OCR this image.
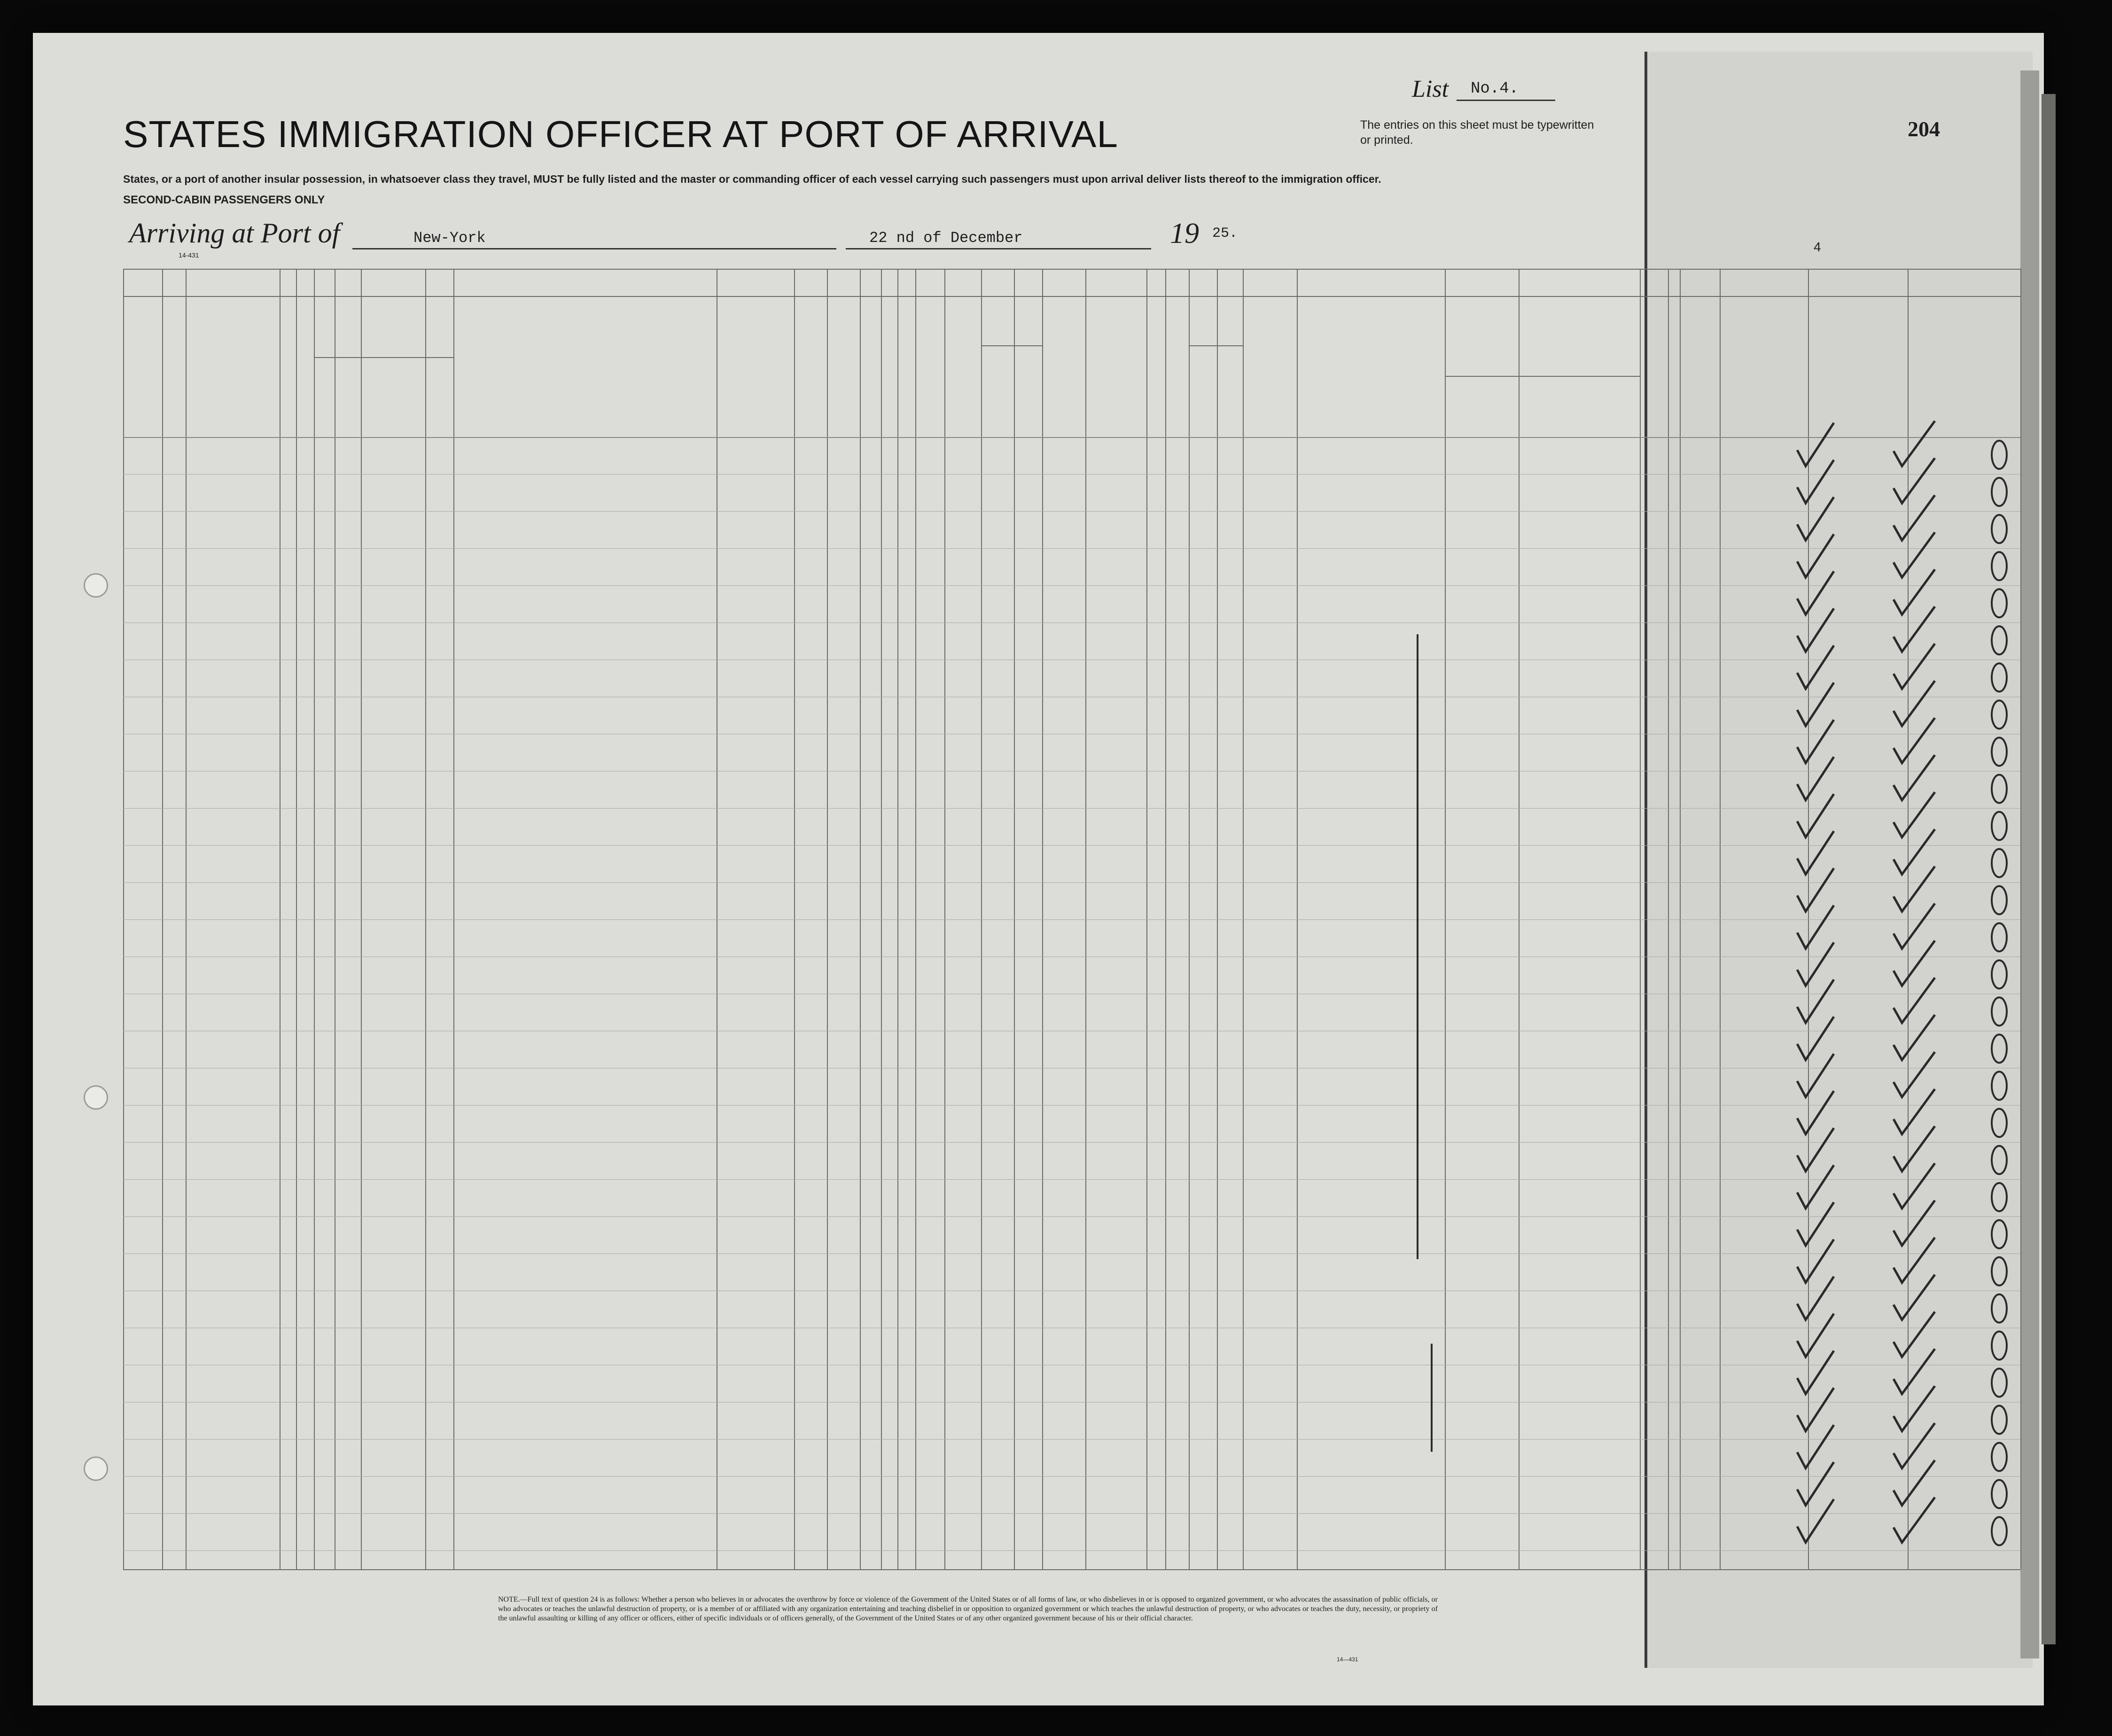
STATES IMMIGRATION OFFICER AT PORT OF ARRIVAL
States, or a port of another insular possession, in whatsoever class they travel, MUST be fully listed and the master or commanding officer of each vessel carrying such passengers must upon arrival deliver lists thereof to the immigration officer.
SECOND-CABIN PASSENGERS ONLY
List No.4.
The entries on this sheet must be typewritten or printed.	204
Arriving at Port of	New-York	22 nd of December	19 25.
14-431
4
NOTE.—Full text of question 24 is as follows: Whether a person who believes in or advocates the overthrow by force or violence of the Government of the United States or of all forms of law, or who disbelieves in or is opposed to organized government, or who advocates the assassination of public officials, or who advocates or teaches the unlawful destruction of property, or is a member of or affiliated with any organization entertaining and teaching disbelief in or opposition to organized government or which teaches the unlawful destruction of property, or who advocates or teaches the duty, necessity, or propriety of the unlawful assaulting or killing of any officer or officers, either of specific individuals or of officers generally, of the Government of the United States or of any other organized government because of his or their official character.
14—431
